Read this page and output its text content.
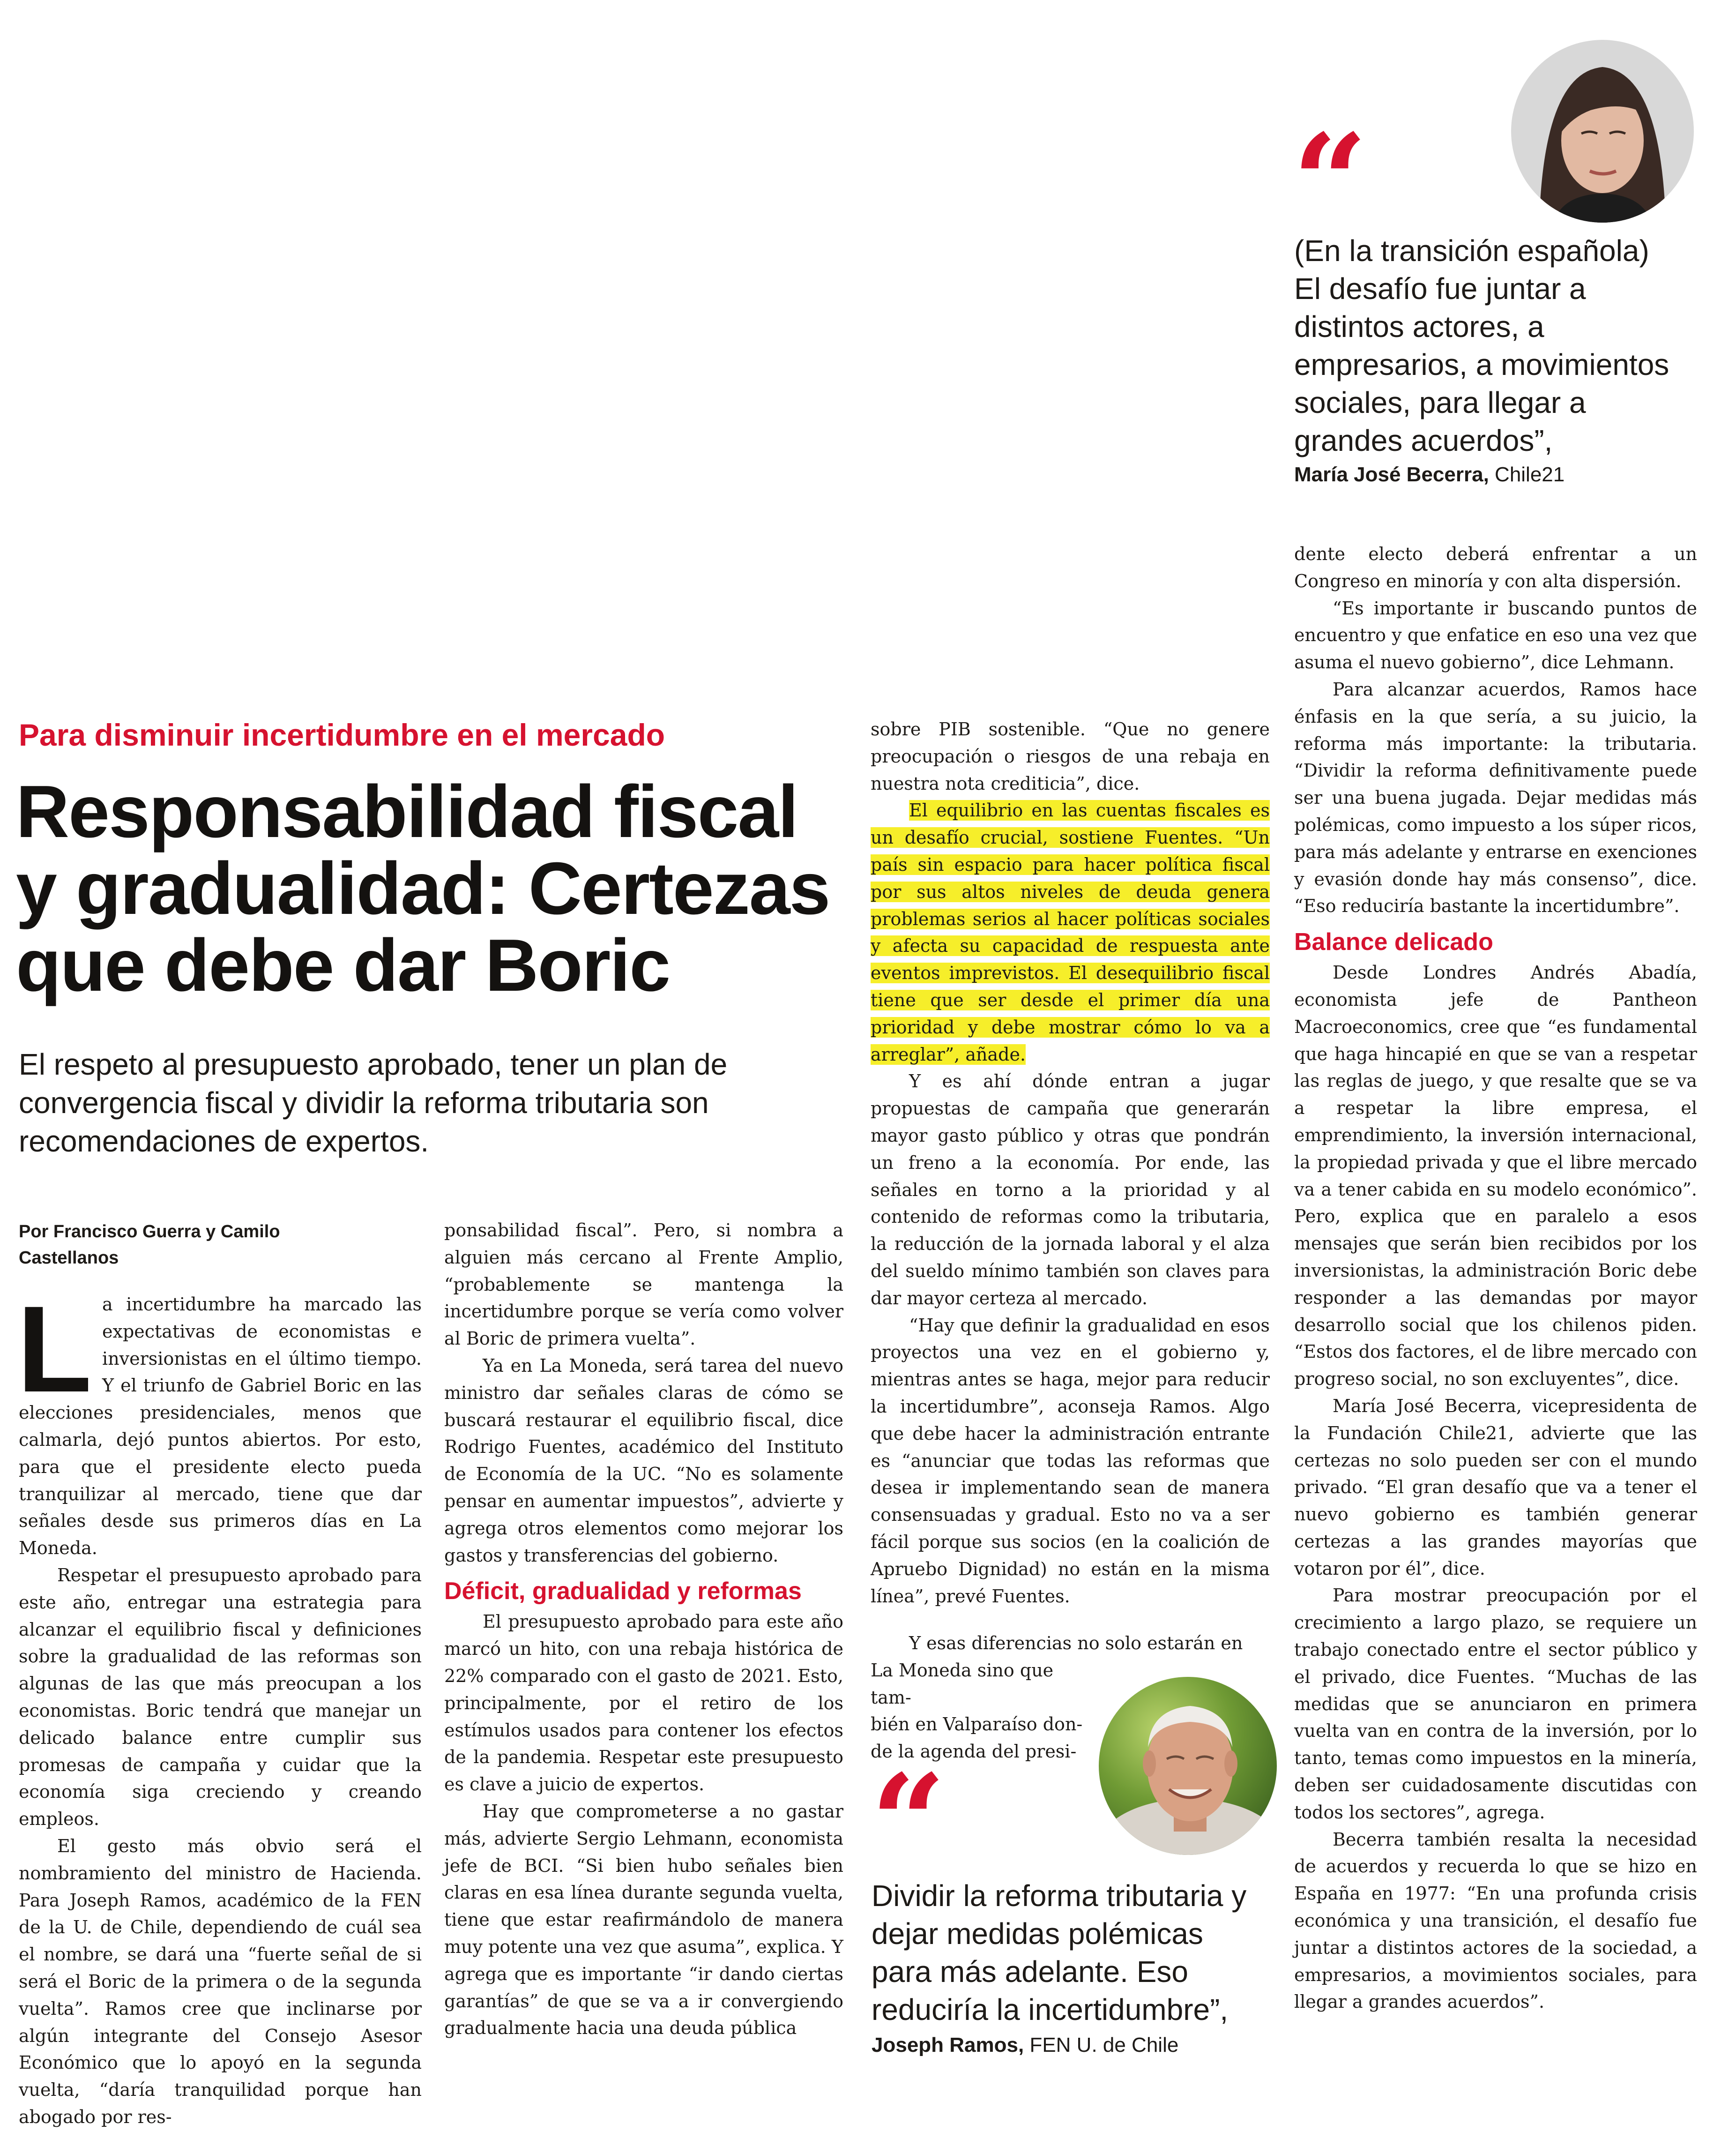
Para disminuir incertidumbre en el mercado
Responsabilidad fiscal
y gradualidad: Certezas
que debe dar Boric
El respeto al presupuesto aprobado, tener un plan de convergencia fiscal y dividir la reforma tributaria son recomendaciones de expertos.
Por Francisco Guerra y Camilo Castellanos
L a incertidumbre ha marcado las expectativas de economistas e inversionistas en el último tiempo. Y el triunfo de Gabriel Boric en las elecciones presidenciales, menos que calmarla, dejó puntos abiertos. Por esto, para que el presidente electo pueda tranquilizar al mercado, tiene que dar señales desde sus primeros días en La Moneda.

Respetar el presupuesto aprobado para este año, entregar una estrategia para alcanzar el equilibrio fiscal y definiciones sobre la gradualidad de las reformas son algunas de las que más preocupan a los economistas. Boric tendrá que manejar un delicado balance entre cumplir sus promesas de campaña y cuidar que la economía siga creciendo y creando empleos.

El gesto más obvio será el nombramiento del ministro de Hacienda. Para Joseph Ramos, académico de la FEN de la U. de Chile, dependiendo de cuál sea el nombre, se dará una “fuerte señal de si será el Boric de la primera o de la segunda vuelta”. Ramos cree que inclinarse por algún integrante del Consejo Asesor Económico que lo apoyó en la segunda vuelta, “daría tranquilidad porque han abogado por res-

ponsabilidad fiscal”. Pero, si nombra a alguien más cercano al Frente Amplio, “probablemente se mantenga la incertidumbre porque se vería como volver al Boric de primera vuelta”.

Ya en La Moneda, será tarea del nuevo ministro dar señales claras de cómo se buscará restaurar el equilibrio fiscal, dice Rodrigo Fuentes, académico del Instituto de Economía de la UC. “No es solamente pensar en aumentar impuestos”, advierte y agrega otros elementos como mejorar los gastos y transferencias del gobierno.

Déficit, gradualidad y reformas

El presupuesto aprobado para este año marcó un hito, con una rebaja histórica de 22% comparado con el gasto de 2021. Esto, principalmente, por el retiro de los estímulos usados para contener los efectos de la pandemia. Respetar este presupuesto es clave a juicio de expertos.

Hay que comprometerse a no gastar más, advierte Sergio Lehmann, economista jefe de BCI. “Si bien hubo señales bien claras en esa línea durante segunda vuelta, tiene que estar reafirmándolo de manera muy potente una vez que asuma”, explica. Y agrega que es importante “ir dando ciertas garantías” de que se va a ir convergiendo gradualmente hacia una deuda pública

sobre PIB sostenible. “Que no genere preocupación o riesgos de una rebaja en nuestra nota crediticia”, dice.

El equilibrio en las cuentas fiscales es un desafío crucial, sostiene Fuentes. “Un país sin espacio para hacer política fiscal por sus altos niveles de deuda genera problemas serios al hacer políticas sociales y afecta su capacidad de respuesta ante eventos imprevistos. El desequilibrio fiscal tiene que ser desde el primer día una prioridad y debe mostrar cómo lo va a arreglar”, añade.

Y es ahí dónde entran a jugar propuestas de campaña que generarán mayor gasto público y otras que pondrán un freno a la economía. Por ende, las señales en torno a la prioridad y al contenido de reformas como la tributaria, la reducción de la jornada laboral y el alza del sueldo mínimo también son claves para dar mayor certeza al mercado.

“Hay que definir la gradualidad en esos proyectos una vez en el gobierno y, mientras antes se haga, mejor para reducir la incertidumbre”, aconseja Ramos. Algo que debe hacer la administración entrante es “anunciar que todas las reformas que desea ir implementando sean de manera consensuadas y gradual. Esto no va a ser fácil porque sus socios (en la coalición de Apruebo Dignidad) no están en la misma línea”, prevé Fuentes.

Y esas diferencias no solo estarán en

La Moneda sino que tam-

bién en Valparaíso don-

de la agenda del presi-

“
Dividir la reforma tributaria y
dejar medidas polémicas
para más adelante. Eso
reduciría la incertidumbre”,
Joseph Ramos, FEN U. de Chile
“
(En la transición española)
El desafío fue juntar a
distintos actores, a
empresarios, a movimientos
sociales, para llegar a
grandes acuerdos”,
María José Becerra, Chile21

dente electo deberá enfrentar a un Congreso en minoría y con alta dispersión.

“Es importante ir buscando puntos de encuentro y que enfatice en eso una vez que asuma el nuevo gobierno”, dice Lehmann.

Para alcanzar acuerdos, Ramos hace énfasis en la que sería, a su juicio, la reforma más importante: la tributaria. “Dividir la reforma definitivamente puede ser una buena jugada. Dejar medidas más polémicas, como impuesto a los súper ricos, para más adelante y entrarse en exenciones y evasión donde hay más consenso”, dice. “Eso reduciría bastante la incertidumbre”.

Balance delicado

Desde Londres Andrés Abadía, economista jefe de Pantheon Macroeconomics, cree que “es fundamental que haga hincapié en que se van a respetar las reglas de juego, y que resalte que se va a respetar la libre empresa, el emprendimiento, la inversión internacional, la propiedad privada y que el libre mercado va a tener cabida en su modelo económico”. Pero, explica que en paralelo a esos mensajes que serán bien recibidos por los inversionistas, la administración Boric debe responder a las demandas por mayor desarrollo social que los chilenos piden. “Estos dos factores, el de libre mercado con progreso social, no son excluyentes”, dice.

María José Becerra, vicepresidenta de la Fundación Chile21, advierte que las certezas no solo pueden ser con el mundo privado. “El gran desafío que va a tener el nuevo gobierno es también generar certezas a las grandes mayorías que votaron por él”, dice.

Para mostrar preocupación por el crecimiento a largo plazo, se requiere un trabajo conectado entre el sector público y el privado, dice Fuentes. “Muchas de las medidas que se anunciaron en primera vuelta van en contra de la inversión, por lo tanto, temas como impuestos en la minería, deben ser cuidadosamente discutidas con todos los sectores”, agrega.

Becerra también resalta la necesidad de acuerdos y recuerda lo que se hizo en España en 1977: “En una profunda crisis económica y una transición, el desafío fue juntar a distintos actores de la sociedad, a empresarios, a movimientos sociales, para llegar a grandes acuerdos”.
